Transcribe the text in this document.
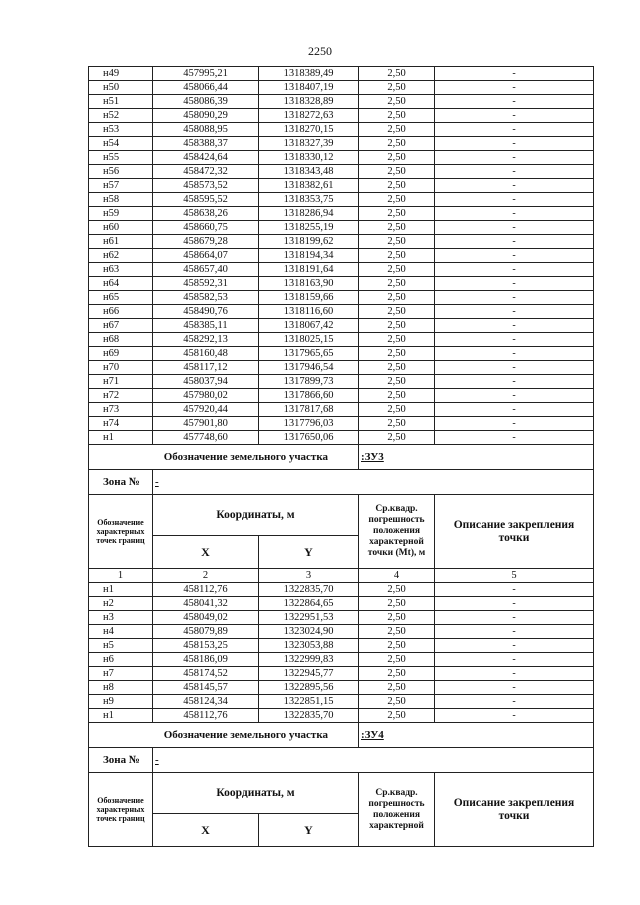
2250
н49	457995,21	1318389,49	2,50	-
н50	458066,44	1318407,19	2,50	-
н51	458086,39	1318328,89	2,50	-
н52	458090,29	1318272,63	2,50	-
н53	458088,95	1318270,15	2,50	-
н54	458388,37	1318327,39	2,50	-
н55	458424,64	1318330,12	2,50	-
н56	458472,32	1318343,48	2,50	-
н57	458573,52	1318382,61	2,50	-
н58	458595,52	1318353,75	2,50	-
н59	458638,26	1318286,94	2,50	-
н60	458660,75	1318255,19	2,50	-
н61	458679,28	1318199,62	2,50	-
н62	458664,07	1318194,34	2,50	-
н63	458657,40	1318191,64	2,50	-
н64	458592,31	1318163,90	2,50	-
н65	458582,53	1318159,66	2,50	-
н66	458490,76	1318116,60	2,50	-
н67	458385,11	1318067,42	2,50	-
н68	458292,13	1318025,15	2,50	-
н69	458160,48	1317965,65	2,50	-
н70	458117,12	1317946,54	2,50	-
н71	458037,94	1317899,73	2,50	-
н72	457980,02	1317866,60	2,50	-
н73	457920,44	1317817,68	2,50	-
н74	457901,80	1317796,03	2,50	-
н1	457748,60	1317650,06	2,50	-
Обозначение земельного участка			:ЗУ3	
Зона №	-			
Обозначение характерных точек границ	Координаты, м		Ср.квадр. погрешность положения характерной точки (Mt), м	Описание закрепления точки
	X	Y		
1	2	3	4	5
н1	458112,76	1322835,70	2,50	-
н2	458041,32	1322864,65	2,50	-
н3	458049,02	1322951,53	2,50	-
н4	458079,89	1323024,90	2,50	-
н5	458153,25	1323053,88	2,50	-
н6	458186,09	1322999,83	2,50	-
н7	458174,52	1322945,77	2,50	-
н8	458145,57	1322895,56	2,50	-
н9	458124,34	1322851,15	2,50	-
н1	458112,76	1322835,70	2,50	-
Обозначение земельного участка			:ЗУ4	
Зона №	-			
Обозначение характерных точек границ	Координаты, м		Ср.квадр. погрешность положения характерной	Описание закрепления точки
	X	Y		
